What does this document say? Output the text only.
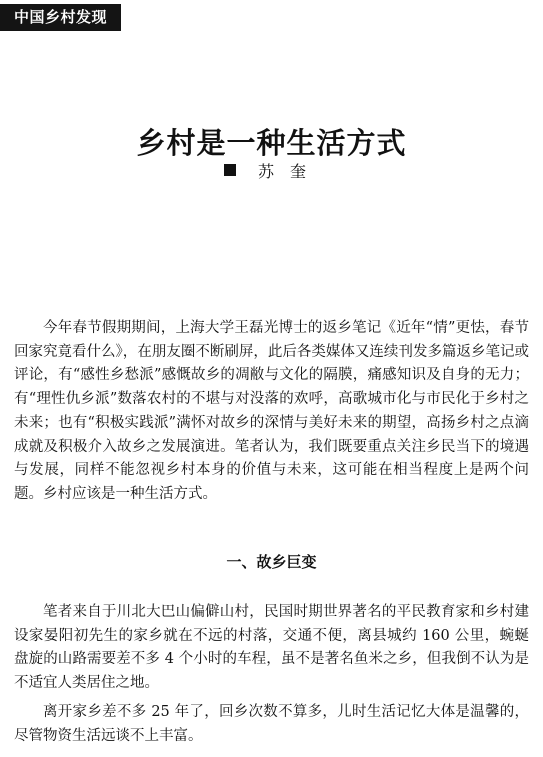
中国乡村发现
乡村是一种生活方式
苏奎

今年春节假期期间，上海大学王磊光博士的返乡笔记《近年“情”更怯，春节回家究竟看什么》，在朋友圈不断刷屏，此后各类媒体又连续刊发多篇返乡笔记或评论，有“感性乡愁派”感慨故乡的凋敝与文化的隔膜，痛感知识及自身的无力；有“理性仇乡派”数落农村的不堪与对没落的欢呼，高歌城市化与市民化于乡村之未来；也有“积极实践派”满怀对故乡的深情与美好未来的期望，高扬乡村之点滴成就及积极介入故乡之发展演进。笔者认为，我们既要重点关注乡民当下的境遇与发展，同样不能忽视乡村本身的价值与未来，这可能在相当程度上是两个问题。乡村应该是一种生活方式。

一、故乡巨变

笔者来自于川北大巴山偏僻山村，民国时期世界著名的平民教育家和乡村建设家晏阳初先生的家乡就在不远的村落，交通不便，离县城约 160 公里，蜿蜒盘旋的山路需要差不多 4 个小时的车程，虽不是著名鱼米之乡，但我倒不认为是不适宜人类居住之地。

离开家乡差不多 25 年了，回乡次数不算多，儿时生活记忆大体是温馨的，尽管物资生活远谈不上丰富。
